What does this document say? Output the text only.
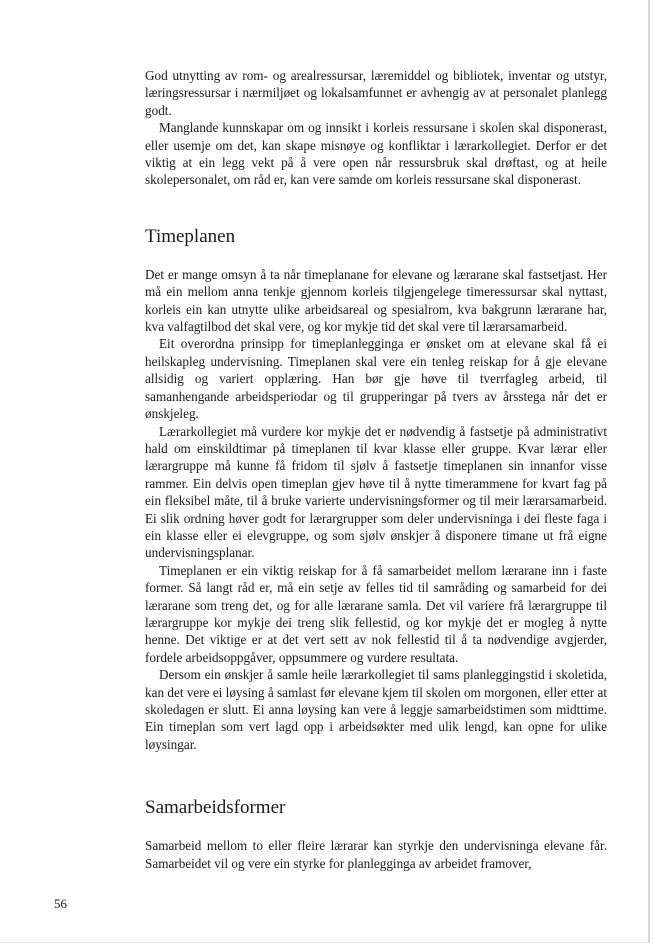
God utnytting av rom- og arealressursar, læremiddel og bibliotek, inventar og utstyr, læringsressursar i nærmiljøet og lokalsamfunnet er avhengig av at personalet planlegg godt.

Manglande kunnskapar om og innsikt i korleis ressursane i skolen skal disponerast, eller usemje om det, kan skape misnøye og konfliktar i lærarkollegiet. Derfor er det viktig at ein legg vekt på å vere open når ressursbruk skal drøftast, og at heile skolepersonalet, om råd er, kan vere samde om korleis ressursane skal disponerast.

Timeplanen

Det er mange omsyn å ta når timeplanane for elevane og lærarane skal fastsetjast. Her må ein mellom anna tenkje gjennom korleis tilgjengelege timeressursar skal nyttast, korleis ein kan utnytte ulike arbeidsareal og spesialrom, kva bakgrunn lærarane har, kva valfagtilbod det skal vere, og kor mykje tid det skal vere til lærarsamarbeid.

Eit overordna prinsipp for timeplanlegginga er ønsket om at elevane skal få ei heilskapleg undervisning. Timeplanen skal vere ein tenleg reiskap for å gje elevane allsidig og variert opplæring. Han bør gje høve til tverrfagleg arbeid, til samanhengande arbeidsperiodar og til grupperingar på tvers av årsstega når det er ønskjeleg.

Lærarkollegiet må vurdere kor mykje det er nødvendig å fastsetje på administrativt hald om einskildtimar på timeplanen til kvar klasse eller gruppe. Kvar lærar eller lærargruppe må kunne få fridom til sjølv å fastsetje timeplanen sin innanfor visse rammer. Ein delvis open timeplan gjev høve til å nytte timerammene for kvart fag på ein fleksibel måte, til å bruke varierte undervisningsformer og til meir lærarsamarbeid. Ei slik ordning høver godt for lærargrupper som deler undervisninga i dei fleste faga i ein klasse eller ei elevgruppe, og som sjølv ønskjer å disponere timane ut frå eigne undervisningsplanar.

Timeplanen er ein viktig reiskap for å få samarbeidet mellom lærarane inn i faste former. Så langt råd er, må ein setje av felles tid til samråding og samarbeid for dei lærarane som treng det, og for alle lærarane samla. Det vil variere frå lærargruppe til lærargruppe kor mykje dei treng slik fellestid, og kor mykje det er mogleg å nytte henne. Det viktige er at det vert sett av nok fellestid til å ta nødvendige avgjerder, fordele arbeidsoppgåver, oppsummere og vurdere resultata.

Dersom ein ønskjer å samle heile lærarkollegiet til sams planleggingstid i skoletida, kan det vere ei løysing å samlast før elevane kjem til skolen om morgonen, eller etter at skoledagen er slutt. Ei anna løysing kan vere å leggje samarbeidstimen som midttime. Ein timeplan som vert lagd opp i arbeidsøkter med ulik lengd, kan opne for ulike løysingar.

Samarbeidsformer

Samarbeid mellom to eller fleire lærarar kan styrkje den undervisninga elevane får. Samarbeidet vil og vere ein styrke for planlegginga av arbeidet framover,

56
